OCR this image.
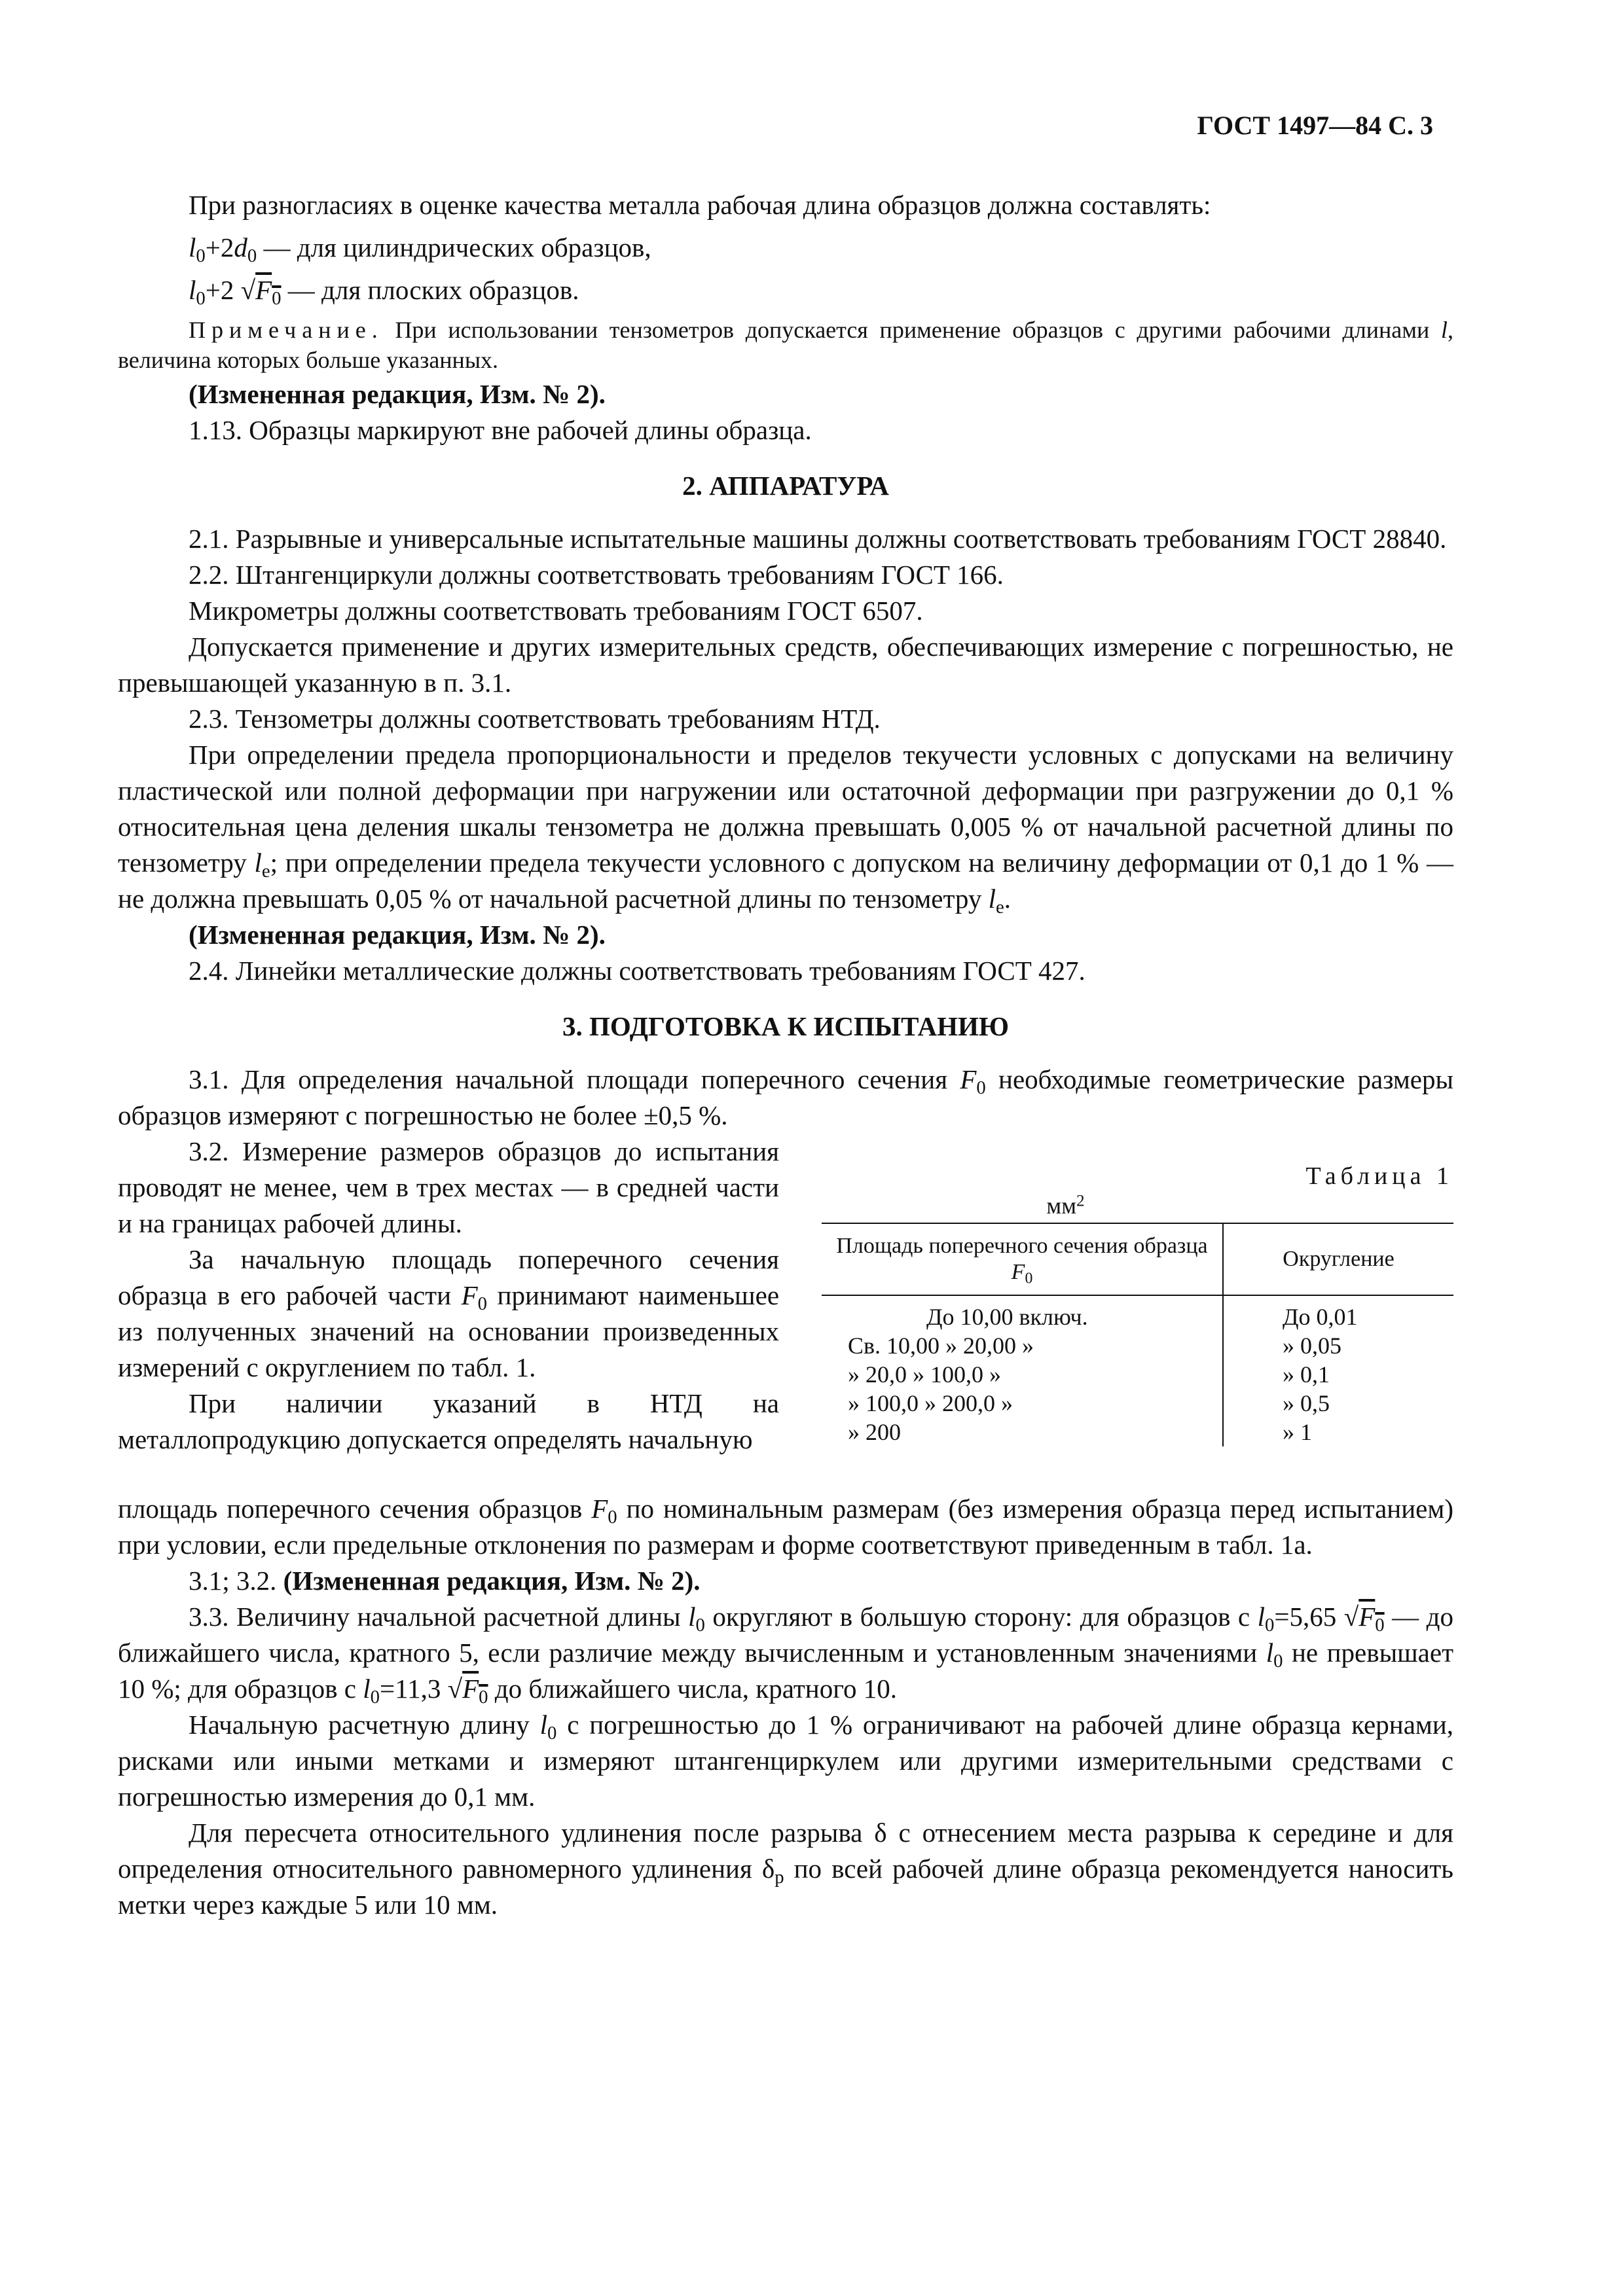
ГОСТ 1497—84 С. 3

При разногласиях в оценке качества металла рабочая длина образцов должна составлять:

$l_0+2d_0$ — для цилиндрических образцов,

$l_0+2$ $√F_0$ — для плоских образцов.

Примечание. При использовании тензометров допускается применение образцов с другими рабочими длинами l, величина которых больше указанных.

(Измененная редакция, Изм. № 2).

1.13. Образцы маркируют вне рабочей длины образца.

2. АППАРАТУРА

2.1. Разрывные и универсальные испытательные машины должны соответствовать требованиям ГОСТ 28840.

2.2. Штангенциркули должны соответствовать требованиям ГОСТ 166.

Микрометры должны соответствовать требованиям ГОСТ 6507.

Допускается применение и других измерительных средств, обеспечивающих измерение с погрешностью, не превышающей указанную в п. 3.1.

2.3. Тензометры должны соответствовать требованиям НТД.

При определении предела пропорциональности и пределов текучести условных с допусками на величину пластической или полной деформации при нагружении или остаточной деформации при разгружении до 0,1 % относительная цена деления шкалы тензометра не должна превышать 0,005 % от начальной расчетной длины по тензометру $l_e$; при определении предела текучести условного с допуском на величину деформации от 0,1 до 1 % — не должна превышать 0,05 % от начальной расчетной длины по тензометру $l_e$.

(Измененная редакция, Изм. № 2).

2.4. Линейки металлические должны соответствовать требованиям ГОСТ 427.

3. ПОДГОТОВКА К ИСПЫТАНИЮ

3.1. Для определения начальной площади поперечного сечения $F_0$ необходимые геометрические размеры образцов измеряют с погрешностью не более ±0,5 %.

3.2. Измерение размеров образцов до испытания проводят не менее, чем в трех местах — в средней части и на границах рабочей длины.

За начальную площадь поперечного сечения образца в его рабочей части $F_0$ принимают наименьшее из полученных значений на основании произведенных измерений с округлением по табл. 1.

При наличии указаний в НТД на металлопродукцию допускается определять начальную

Таблица 1
$мм^2$
Площадь поперечного сечения образца $F_0$	Округление
До 10,00 включ.	До 0,01
Св. 10,00 » 20,00 »	» 0,05
» 20,0 » 100,0 »	» 0,1
» 100,0 » 200,0 »	» 0,5
» 200	» 1

площадь поперечного сечения образцов $F_0$ по номинальным размерам (без измерения образца перед испытанием) при условии, если предельные отклонения по размерам и форме соответствуют приведенным в табл. 1а.

3.1; 3.2. (Измененная редакция, Изм. № 2).

3.3. Величину начальной расчетной длины $l_0$ округляют в большую сторону: для образцов с $l_0=5,65$ $√F_0$ — до ближайшего числа, кратного 5, если различие между вычисленным и установленным значениями $l_0$ не превышает 10 %; для образцов с $l_0=11,3$ $√F_0$ до ближайшего числа, кратного 10.

Начальную расчетную длину $l_0$ с погрешностью до 1 % ограничивают на рабочей длине образца кернами, рисками или иными метками и измеряют штангенциркулем или другими измерительными средствами с погрешностью измерения до 0,1 мм.

Для пересчета относительного удлинения после разрыва δ с отнесением места разрыва к середине и для определения относительного равномерного удлинения $\delta_p$ по всей рабочей длине образца рекомендуется наносить метки через каждые 5 или 10 мм.
